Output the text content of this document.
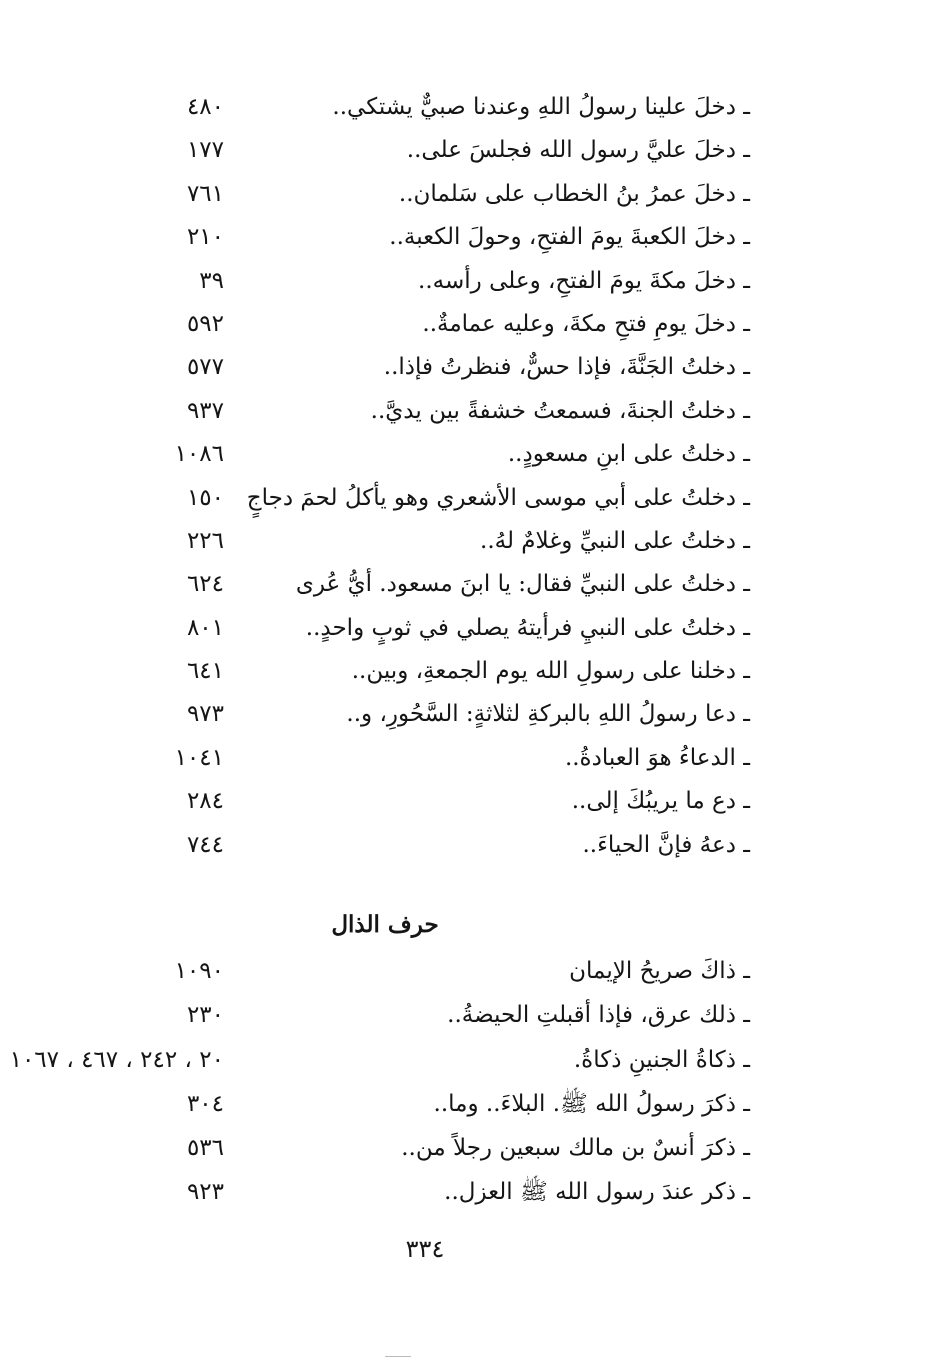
ـ دخلَ علينا رسولُ اللهِ وعندنا صبيٌّ يشتكي..
٤٨٠
ـ دخلَ عليَّ رسول الله فجلسَ على..
١٧٧
ـ دخلَ عمرُ بنُ الخطاب على سَلمان..
٧٦١
ـ دخلَ الكعبةَ يومَ الفتحِ، وحولَ الكعبة..
٢١٠
ـ دخلَ مكةَ يومَ الفتحِ، وعلى رأسه..
٣٩
ـ دخلَ يومِ فتحِ مكةَ، وعليه عمامةٌ..
٥٩٢
ـ دخلتُ الجَنَّةَ، فإذا حسٌّ، فنظرتُ فإذا..
٥٧٧
ـ دخلتُ الجنةَ، فسمعتُ خشفةً بين يديَّ..
٩٣٧
ـ دخلتُ على ابنِ مسعودٍ..
١٠٨٦
ـ دخلتُ على أبي موسى الأشعري وهو يأكلُ لحمَ دجاجٍ
١٥٠
ـ دخلتُ على النبيِّ وغلامٌ لهُ..
٢٢٦
ـ دخلتُ على النبيِّ فقال: يا ابنَ مسعود. أيُّ عُرى
٦٢٤
ـ دخلتُ على النبيِ فرأيتهُ يصلي في ثوبٍ واحدٍ..
٨٠١
ـ دخلنا على رسولِ الله يوم الجمعةِ، وبين..
٦٤١
ـ دعا رسولُ اللهِ بالبركةِ لثلاثةٍ: السَّحُورِ، و..
٩٧٣
ـ الدعاءُ هوَ العبادةُ..
١٠٤١
ـ دع ما يريبُكَ إلى..
٢٨٤
ـ دعهُ فإنَّ الحياءَ..
٧٤٤
حرف الذال
ـ ذاكَ صريحُ الإيمان
١٠٩٠
ـ ذلك عرق، فإذا أقبلتِ الحيضةُ..
٢٣٠
ـ ذكاةُ الجنينِ ذكاةُ.
٢٠ ، ٢٤٢ ، ٤٦٧ ، ١٠٦٧
ـ ذكرَ رسولُ الله ﷺ. البلاءَ.. وما..
٣٠٤
ـ ذكرَ أنسٌ بن مالك سبعين رجلاً من..
٥٣٦
ـ ذكر عندَ رسول الله ﷺ العزل..
٩٢٣
٣٣٤
